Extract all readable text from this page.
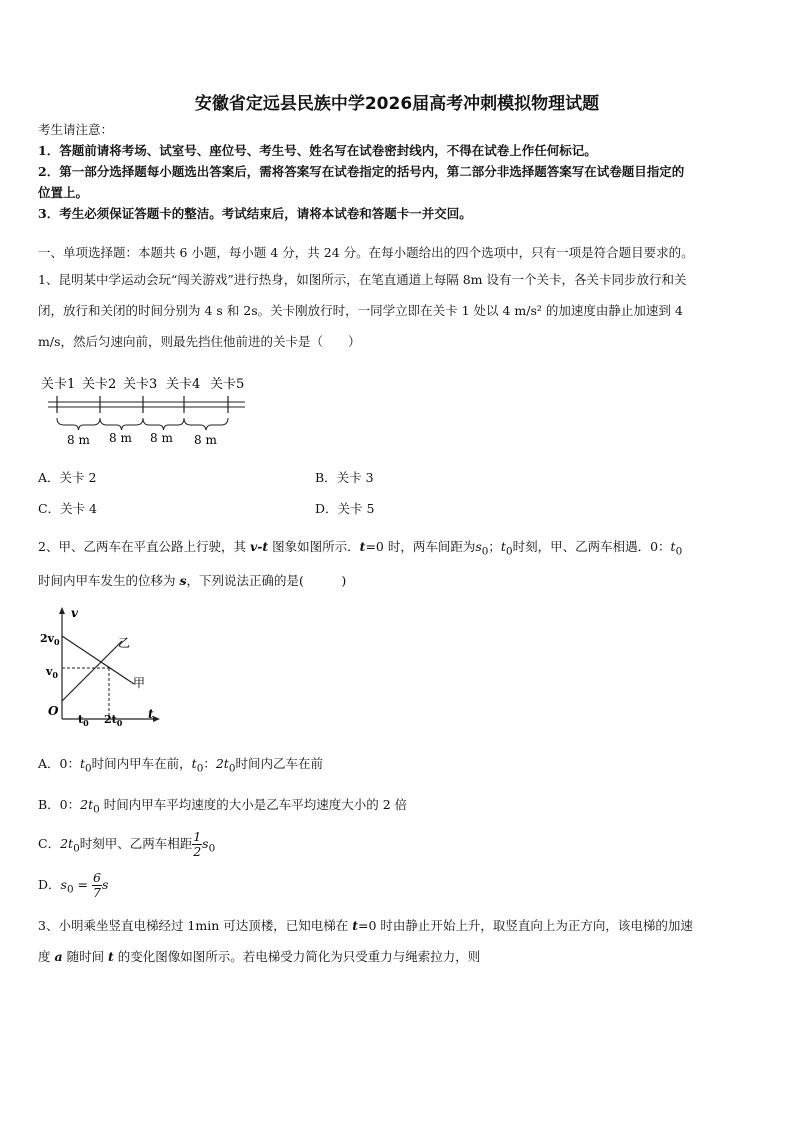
安徽省定远县民族中学2026届高考冲刺模拟物理试题
考生请注意：
1．答题前请将考场、试室号、座位号、考生号、姓名写在试卷密封线内，不得在试卷上作任何标记。
2．第一部分选择题每小题选出答案后，需将答案写在试卷指定的括号内，第二部分非选择题答案写在试卷题目指定的
位置上。
3．考生必须保证答题卡的整洁。考试结束后，请将本试卷和答题卡一并交回。
一、单项选择题：本题共 6 小题，每小题 4 分，共 24 分。在每小题给出的四个选项中，只有一项是符合题目要求的。
1、昆明某中学运动会玩“闯关游戏”进行热身，如图所示，在笔直通道上每隔 8m 设有一个关卡，各关卡同步放行和关
闭，放行和关闭的时间分别为 4 s 和 2s。关卡刚放行时，一同学立即在关卡 1 处以 4 m/s² 的加速度由静止加速到 4
m/s，然后匀速向前，则最先挡住他前进的关卡是（　　）
关卡1 关卡2 关卡3 关卡4 关卡5
8 m 8 m 8 m 8 m
A．关卡 2	B．关卡 3
C．关卡 4	D．关卡 5
2、甲、乙两车在平直公路上行驶，其 v-t 图象如图所示．t=0 时，两车间距为$s_0$；$t_0$时刻，甲、乙两车相遇．0：$t_0$
时间内甲车发生的位移为 s，下列说法正确的是(　　　)
v
t
O
$2v_0$
$v_0$
$t_0$ $2t_0$
乙
甲
A．0：$t_0$时间内甲车在前，$t_0$：$2t_0$时间内乙车在前
B．0：$2t_0$ 时间内甲车平均速度的大小是乙车平均速度大小的 2 倍
C．$2t_0$时刻甲、乙两车相距 $\frac{1}{2} s_0$
D．$s_0 = \frac{6}{7}$ s
3、小明乘坐竖直电梯经过 1min 可达顶楼，已知电梯在 t=0 时由静止开始上升，取竖直向上为正方向，该电梯的加速
度 a 随时间 t 的变化图像如图所示。若电梯受力简化为只受重力与绳索拉力，则
